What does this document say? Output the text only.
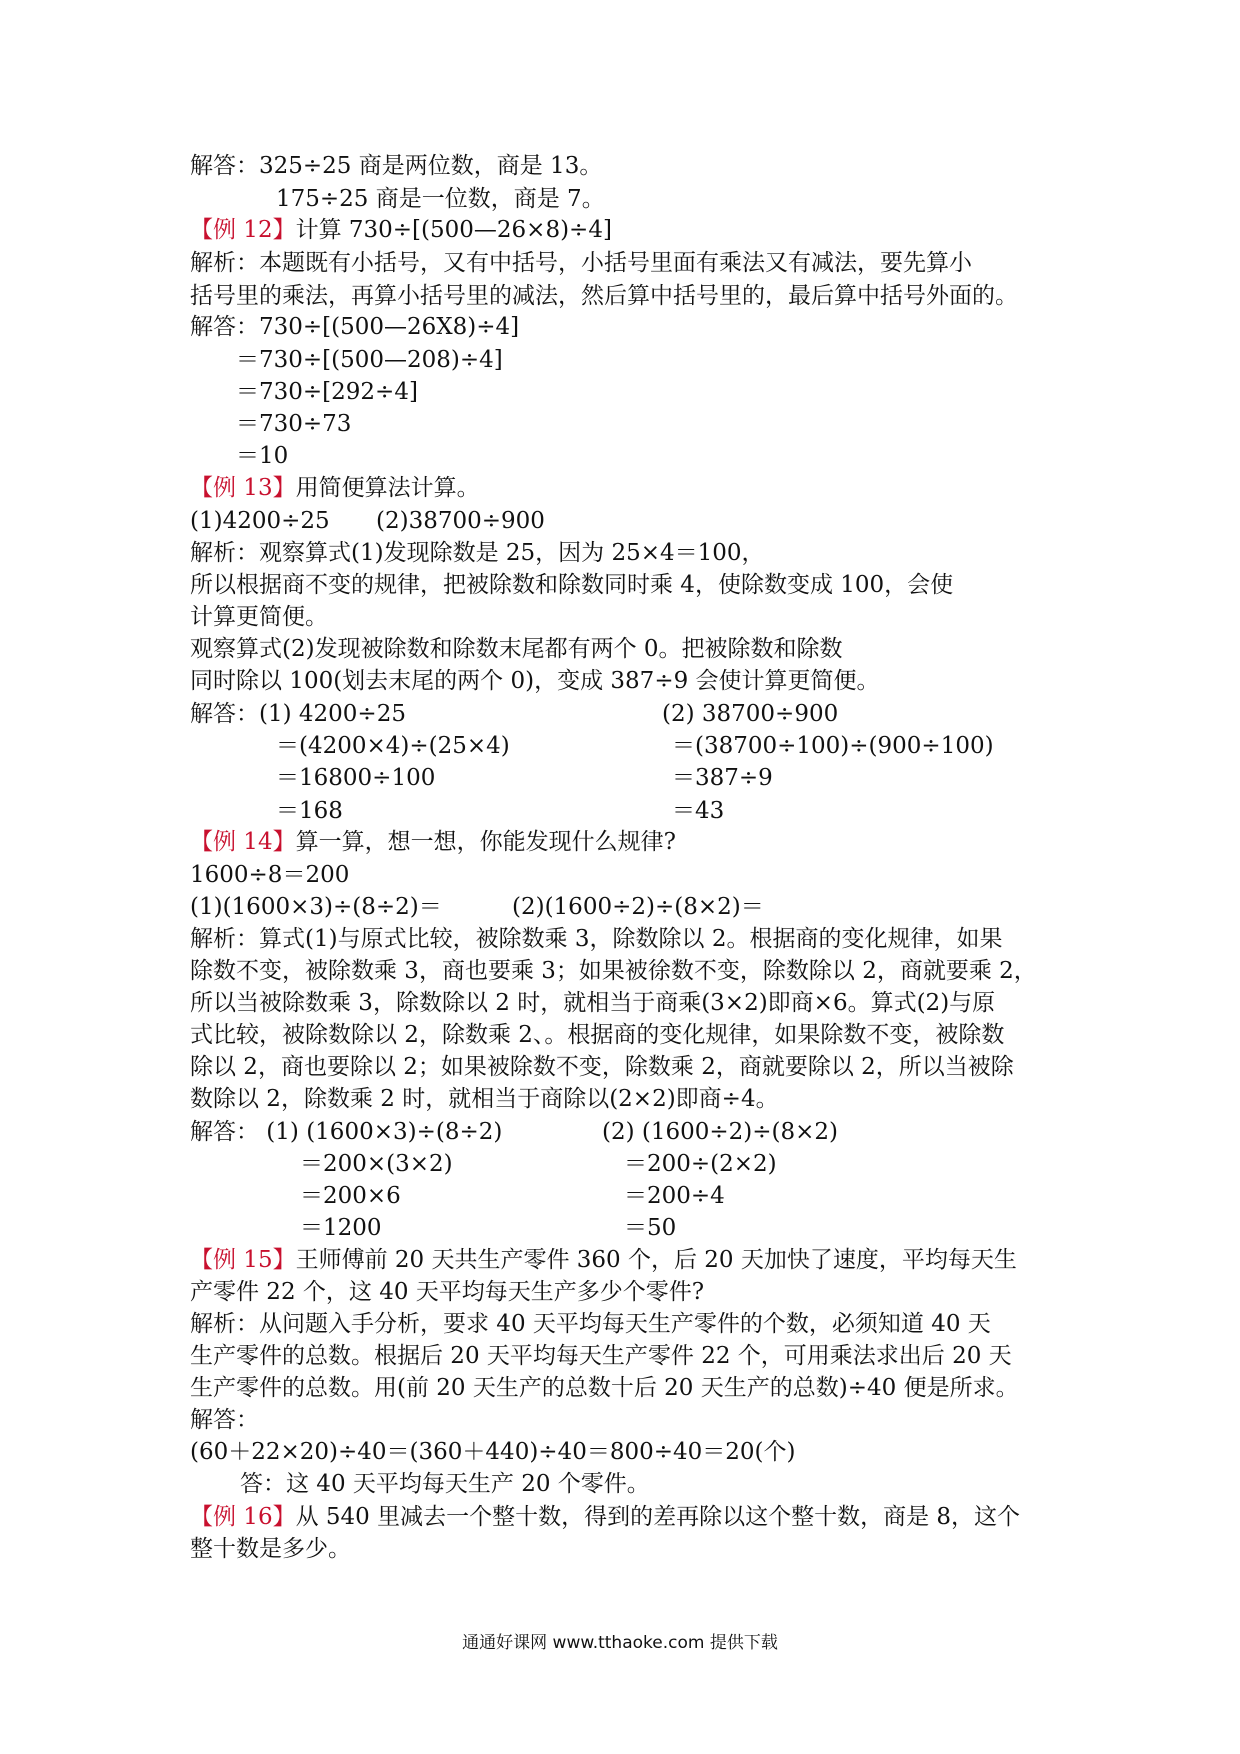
解答：325÷25 商是两位数，商是 13。
175÷25 商是一位数，商是 7。
【例 12】计算 730÷[(500—26×8)÷4]
解析：本题既有小括号，又有中括号，小括号里面有乘法又有减法，要先算小
括号里的乘法，再算小括号里的减法，然后算中括号里的，最后算中括号外面的。
解答：730÷[(500—26X8)÷4]
＝730÷[(500—208)÷4]
＝730÷[292÷4]
＝730÷73
＝10
【例 13】用简便算法计算。
(1)4200÷25 (2)38700÷900
解析：观察算式(1)发现除数是 25，因为 25×4＝100，
所以根据商不变的规律，把被除数和除数同时乘 4，使除数变成 100，会使
计算更简便。
观察算式(2)发现被除数和除数末尾都有两个 0。把被除数和除数
同时除以 100(划去末尾的两个 0)，变成 387÷9 会使计算更简便。
解答：(1) 4200÷25	(2) 38700÷900
＝(4200×4)÷(25×4)	＝(38700÷100)÷(900÷100)
＝16800÷100	＝387÷9
＝168	＝43
【例 14】算一算，想一想，你能发现什么规律?
1600÷8＝200
(1)(1600×3)÷(8÷2)＝	(2)(1600÷2)÷(8×2)＝
解析：算式(1)与原式比较，被除数乘 3，除数除以 2。根据商的变化规律，如果
除数不变，被除数乘 3，商也要乘 3；如果被徐数不变，除数除以 2，商就要乘 2，
所以当被除数乘 3，除数除以 2 时，就相当于商乘(3×2)即商×6。算式(2)与原
式比较，被除数除以 2，除数乘 2、。根据商的变化规律，如果除数不变，被除数
除以 2，商也要除以 2；如果被除数不变，除数乘 2，商就要除以 2，所以当被除
数除以 2，除数乘 2 时，就相当于商除以(2×2)即商÷4。
解答： (1) (1600×3)÷(8÷2)	(2) (1600÷2)÷(8×2)
＝200×(3×2)	＝200÷(2×2)
＝200×6	＝200÷4
＝1200	＝50
【例 15】王师傅前 20 天共生产零件 360 个，后 20 天加快了速度，平均每天生
产零件 22 个，这 40 天平均每天生产多少个零件?
解析：从问题入手分析，要求 40 天平均每天生产零件的个数，必须知道 40 天
生产零件的总数。根据后 20 天平均每天生产零件 22 个，可用乘法求出后 20 天
生产零件的总数。用(前 20 天生产的总数十后 20 天生产的总数)÷40 便是所求。
解答：
(60＋22×20)÷40＝(360＋440)÷40＝800÷40＝20(个)
答：这 40 天平均每天生产 20 个零件。
【例 16】从 540 里减去一个整十数，得到的差再除以这个整十数，商是 8，这个
整十数是多少。
通通好课网 www.tthaoke.com 提供下载
